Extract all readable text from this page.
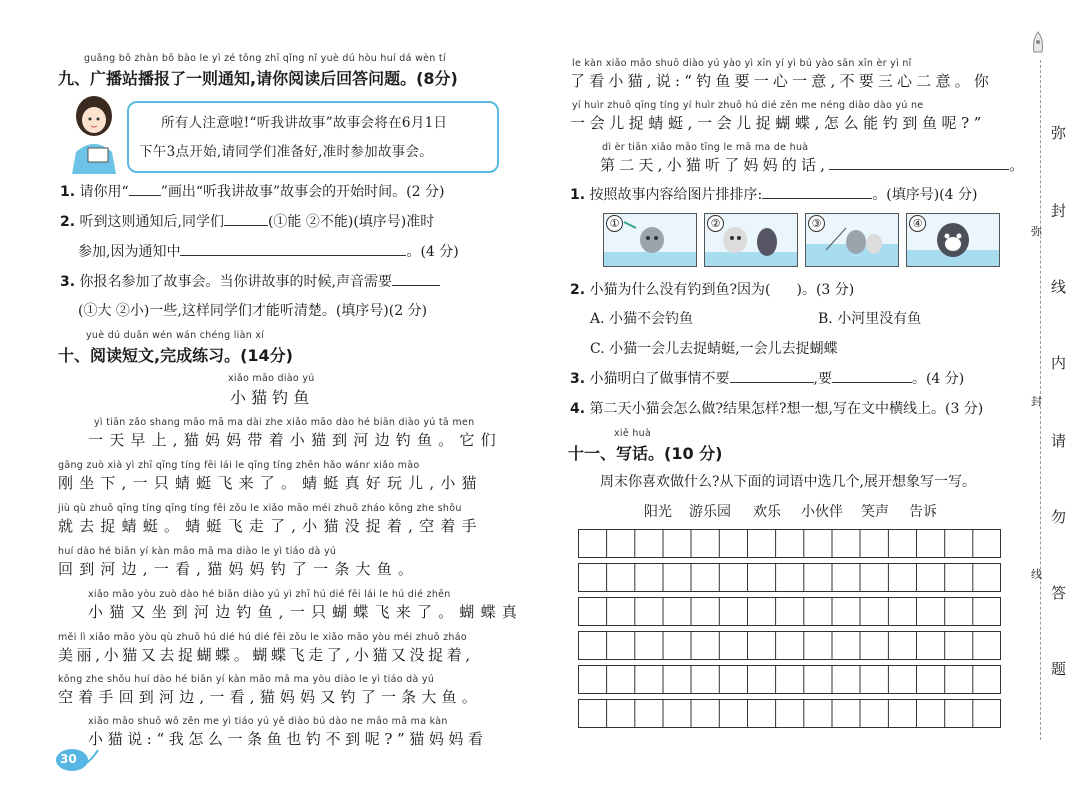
guǎng bō zhàn bō bào le yì zé tōng zhī qǐng nǐ yuè dú hòu huí dá wèn tí
九、广播站播报了一则通知,请你阅读后回答问题。(8分)
所有人注意啦!“听我讲故事”故事会将在6月1日
下午3点开始,请同学们准备好,准时参加故事会。
1. 请你用“ ”画出“听我讲故事”故事会的开始时间。(2 分)
2. 听到这则通知后,同学们	(①能 ②不能)(填序号)准时
参加,因为通知中	。(4 分)
3. 你报名参加了故事会。当你讲故事的时候,声音需要
(①大 ②小)一些,这样同学们才能听清楚。(填序号)(2 分)
yuè dú duǎn wén wán chéng liàn xí
十、阅读短文,完成练习。(14分)
xiǎo māo diào yú
小 猫 钓 鱼
yì tiān zǎo shang māo mā ma dài zhe xiǎo māo dào hé biān diào yú tā men
一天早上,猫妈妈带着小猫到河边钓鱼。它们
gāng zuò xià yì zhī qīng tíng fēi lái le qīng tíng zhēn hǎo wánr xiǎo māo
刚坐下,一只蜻蜓飞来了。蜻蜓真好玩儿,小猫
jiù qù zhuō qīng tíng qīng tíng fēi zǒu le xiǎo māo méi zhuō zháo kōng zhe shǒu
就去捉蜻蜓。蜻蜓飞走了,小猫没捉着,空着手
huí dào hé biān yí kàn māo mā ma diào le yì tiáo dà yú
回到河边,一看,猫妈妈钓了一条大鱼。
xiǎo māo yòu zuò dào hé biān diào yú yì zhī hú dié fēi lái le hú dié zhēn
小猫又坐到河边钓鱼,一只蝴蝶飞来了。蝴蝶真
měi lì xiǎo māo yòu qù zhuō hú dié hú dié fēi zǒu le xiǎo māo yòu méi zhuō zháo
美丽,小猫又去捉蝴蝶。蝴蝶飞走了,小猫又没捉着,
kōng zhe shǒu huí dào hé biān yí kàn māo mā ma yòu diào le yì tiáo dà yú
空着手回到河边,一看,猫妈妈又钓了一条大鱼。
xiǎo māo shuō wǒ zěn me yì tiáo yú yě diào bú dào ne māo mā ma kàn
小猫说:“我怎么一条鱼也钓不到呢?”猫妈妈看
30
le kàn xiǎo māo shuō diào yú yào yì xīn yí yì bú yào sān xīn èr yì nǐ
了看小猫,说:“钓鱼要一心一意,不要三心二意。你
yí huìr zhuō qīng tíng yí huìr zhuō hú dié zěn me néng diào dào yú ne
一会儿捉蜻蜓,一会儿捉蝴蝶,怎么能钓到鱼呢?”
dì èr tiān xiǎo māo tīng le mā ma de huà
第二天,小猫听了妈妈的话,	。
1. 按照故事内容给图片排排序:	。(填序号)(4 分)
①	②	③	④
2. 小猫为什么没有钓到鱼?因为( )。(3 分)
A. 小猫不会钓鱼	B. 小河里没有鱼
C. 小猫一会儿去捉蜻蜓,一会儿去捉蝴蝶
3. 小猫明白了做事情不要	,要	。(4 分)
4. 第二天小猫会怎么做?结果怎样?想一想,写在文中横线上。(3 分)
xiě huà
十一、写话。(10 分)
周末你喜欢做什么?从下面的词语中选几个,展开想象写一写。
阳光 游乐园 欢乐 小伙伴 笑声 告诉
弥
封
线
内
请
勿
答
题
弥
封
线
